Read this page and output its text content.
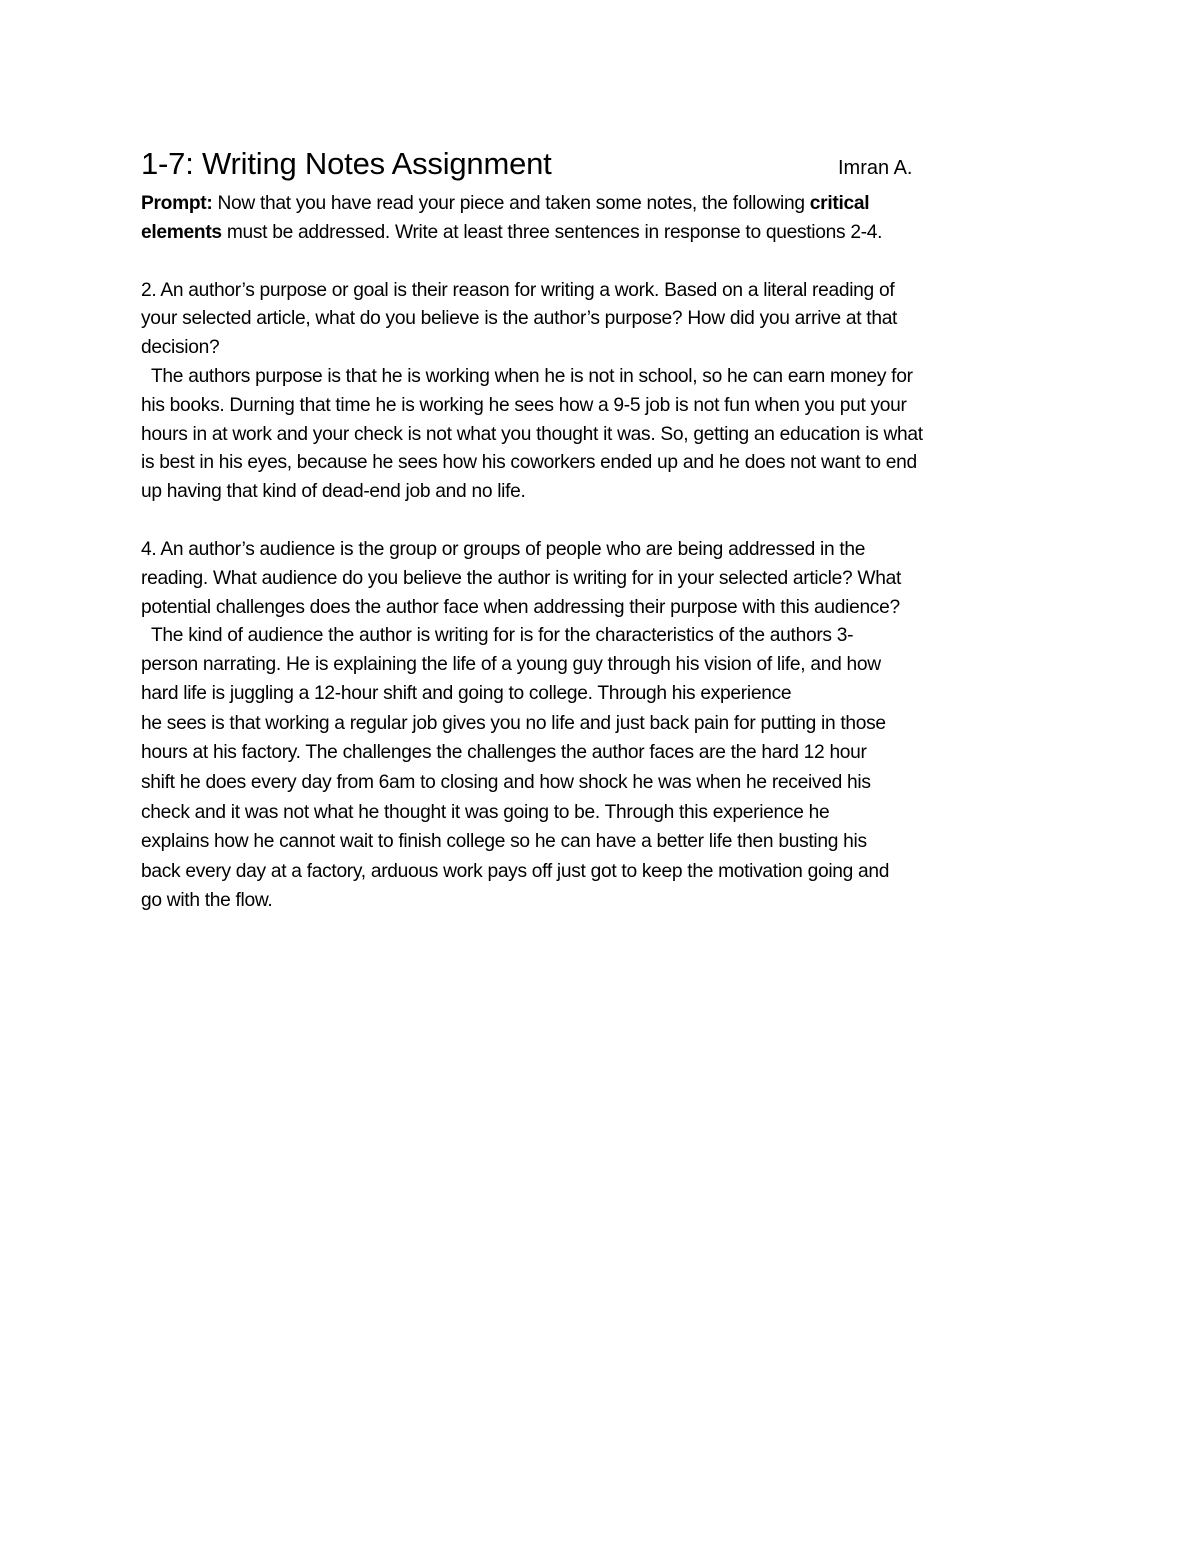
1-7: Writing Notes Assignment	Imran A.
Prompt: Now that you have read your piece and taken some notes, the following critical
elements must be addressed. Write at least three sentences in response to questions 2-4.
2. An author’s purpose or goal is their reason for writing a work. Based on a literal reading of
your selected article, what do you believe is the author’s purpose? How did you arrive at that
decision?
The authors purpose is that he is working when he is not in school, so he can earn money for
his books. Durning that time he is working he sees how a 9-5 job is not fun when you put your
hours in at work and your check is not what you thought it was. So, getting an education is what
is best in his eyes, because he sees how his coworkers ended up and he does not want to end
up having that kind of dead-end job and no life.
4. An author’s audience is the group or groups of people who are being addressed in the
reading. What audience do you believe the author is writing for in your selected article? What
potential challenges does the author face when addressing their purpose with this audience?
The kind of audience the author is writing for is for the characteristics of the authors 3-
person narrating. He is explaining the life of a young guy through his vision of life, and how
hard life is juggling a 12-hour shift and going to college. Through his experience
he sees is that working a regular job gives you no life and just back pain for putting in those
hours at his factory. The challenges the challenges the author faces are the hard 12 hour
shift he does every day from 6am to closing and how shock he was when he received his
check and it was not what he thought it was going to be. Through this experience he
explains how he cannot wait to finish college so he can have a better life then busting his
back every day at a factory, arduous work pays off just got to keep the motivation going and
go with the flow.
